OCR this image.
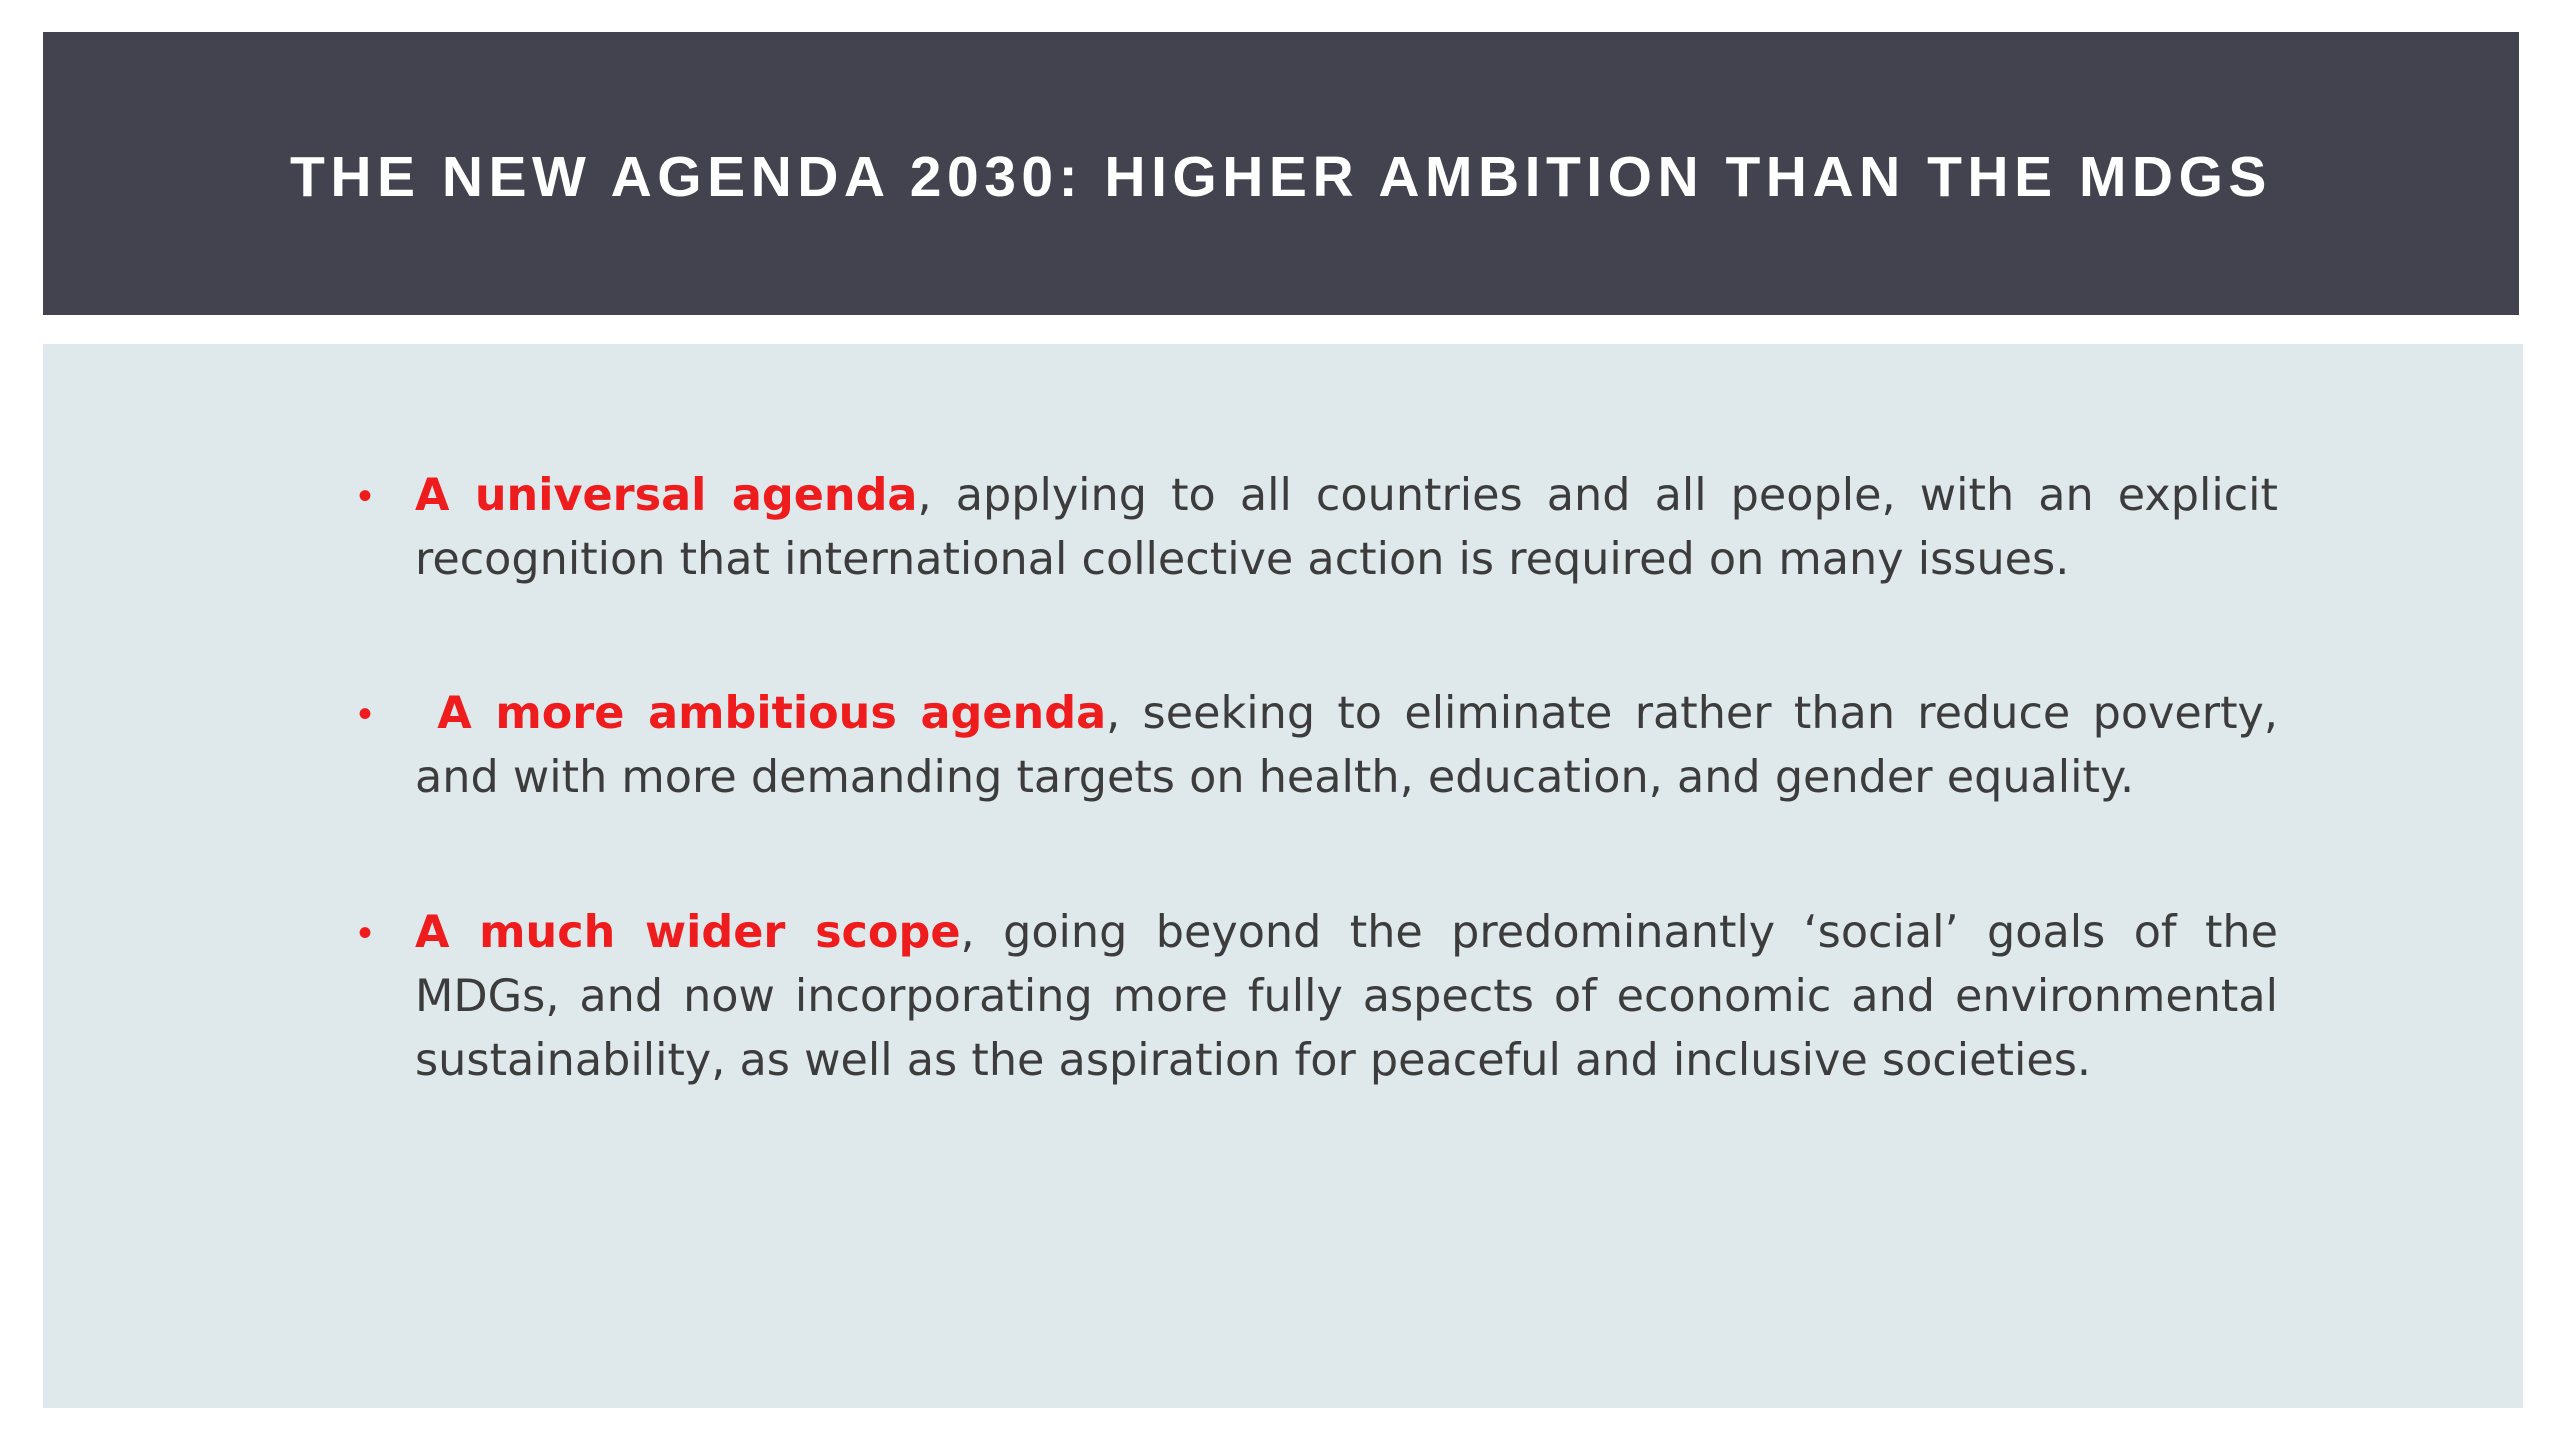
THE NEW AGENDA 2030: HIGHER AMBITION THAN THE MDGS
• A universal agenda, applying to all countries and all people, with an explicit recognition that international collective action is required on many issues.
•	A more ambitious agenda, seeking to eliminate rather than reduce poverty, and with more demanding targets on health, education, and gender equality.
• A much wider scope, going beyond the predominantly ‘social’ goals of the MDGs, and now incorporating more fully aspects of economic and environmental sustainability, as well as the aspiration for peaceful and inclusive societies.
